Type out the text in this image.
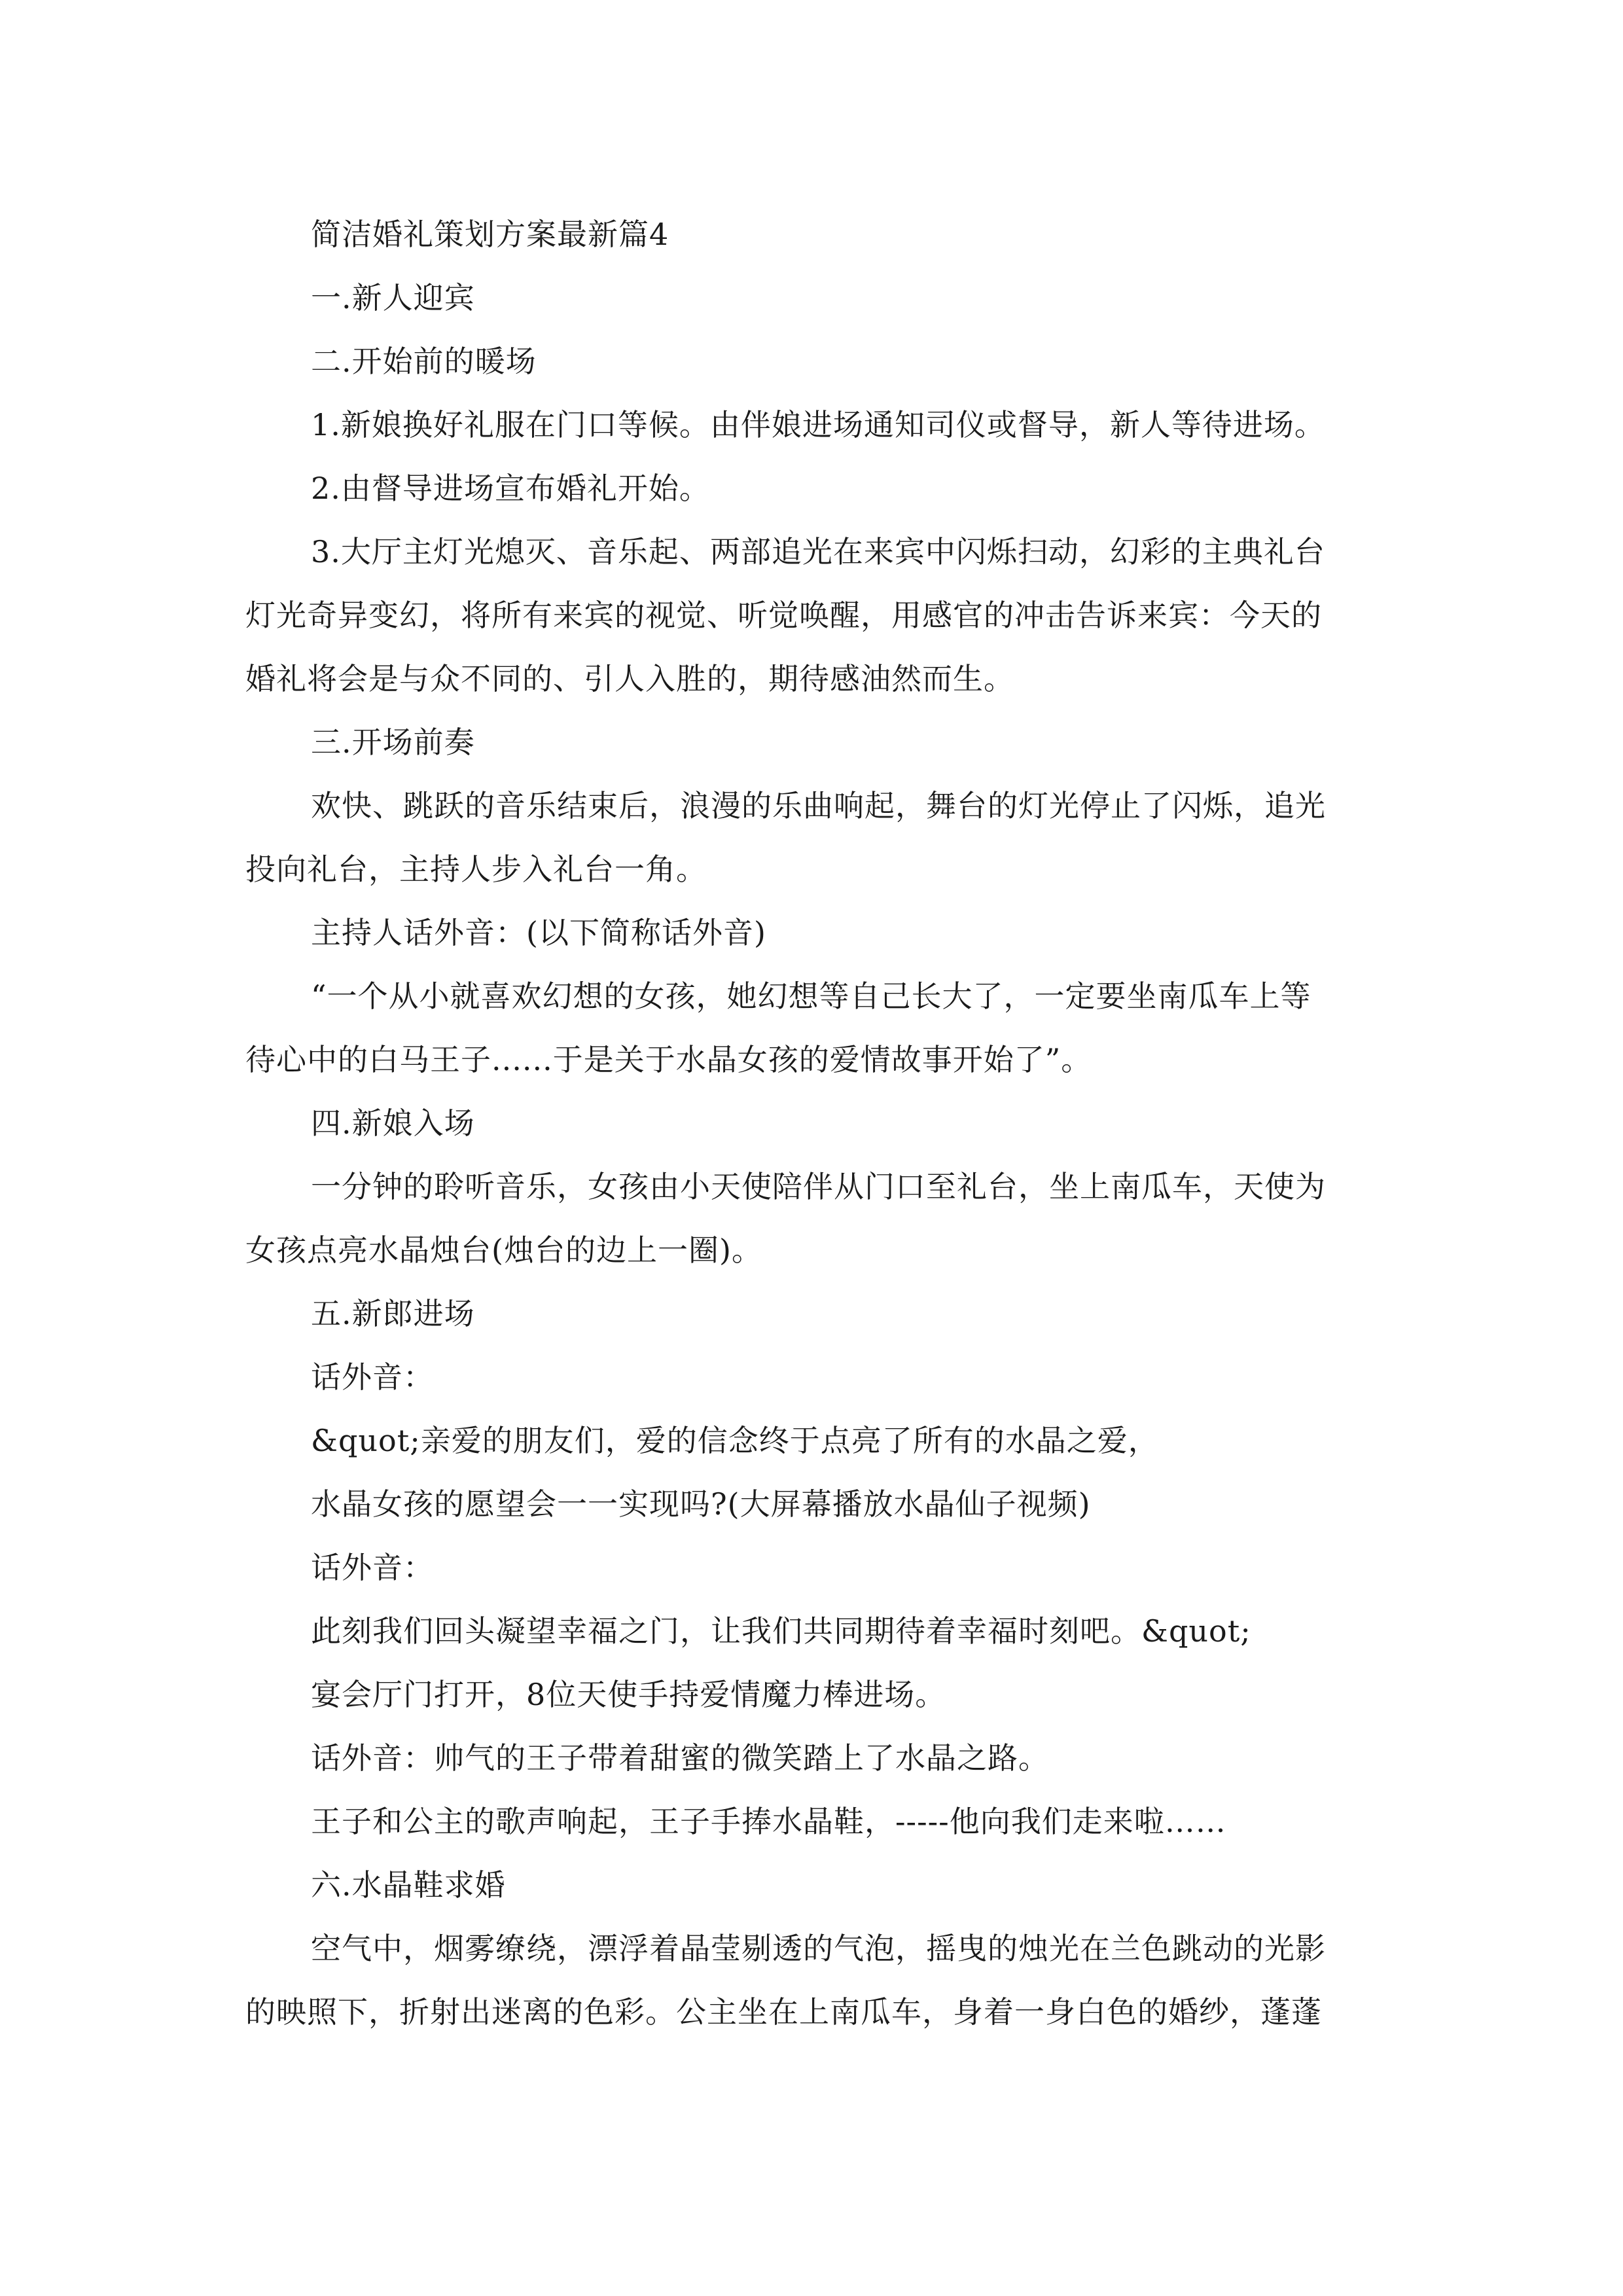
简洁婚礼策划方案最新篇4
一.新人迎宾
二.开始前的暖场
1.新娘换好礼服在门口等候。由伴娘进场通知司仪或督导，新人等待进场。
2.由督导进场宣布婚礼开始。
3.大厅主灯光熄灭、音乐起、两部追光在来宾中闪烁扫动，幻彩的主典礼台
灯光奇异变幻，将所有来宾的视觉、听觉唤醒，用感官的冲击告诉来宾：今天的
婚礼将会是与众不同的、引人入胜的，期待感油然而生。
三.开场前奏
欢快、跳跃的音乐结束后，浪漫的乐曲响起，舞台的灯光停止了闪烁，追光
投向礼台，主持人步入礼台一角。
主持人话外音：(以下简称话外音)
“一个从小就喜欢幻想的女孩，她幻想等自己长大了，一定要坐南瓜车上等
待心中的白马王子......于是关于水晶女孩的爱情故事开始了”。
四.新娘入场
一分钟的聆听音乐，女孩由小天使陪伴从门口至礼台，坐上南瓜车，天使为
女孩点亮水晶烛台(烛台的边上一圈)。
五.新郎进场
话外音：
&quot;亲爱的朋友们，爱的信念终于点亮了所有的水晶之爱，
水晶女孩的愿望会一一实现吗?(大屏幕播放水晶仙子视频)
话外音：
此刻我们回头凝望幸福之门，让我们共同期待着幸福时刻吧。&quot;
宴会厅门打开，8位天使手持爱情魔力棒进场。
话外音：帅气的王子带着甜蜜的微笑踏上了水晶之路。
王子和公主的歌声响起，王子手捧水晶鞋，-----他向我们走来啦……
六.水晶鞋求婚
空气中，烟雾缭绕，漂浮着晶莹剔透的气泡，摇曳的烛光在兰色跳动的光影
的映照下，折射出迷离的色彩。公主坐在上南瓜车，身着一身白色的婚纱，蓬蓬
